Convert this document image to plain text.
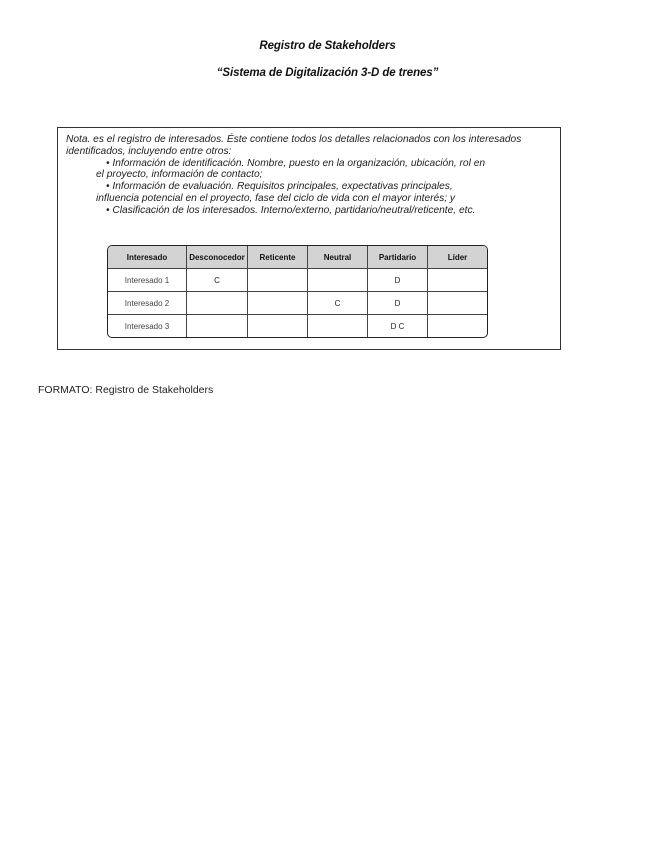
Registro de Stakeholders
“Sistema de Digitalización 3-D de trenes”

Nota. es el registro de interesados. Éste contiene todos los detalles relacionados con los interesados identificados, incluyendo entre otros:

• Información de identificación. Nombre, puesto en la organización, ubicación, rol en

el proyecto, información de contacto;

• Información de evaluación. Requisitos principales, expectativas principales,

influencia potencial en el proyecto, fase del ciclo de vida con el mayor interés; y

• Clasificación de los interesados. Interno/externo, partidario/neutral/reticente, etc.

Interesado	Desconocedor	Reticente	Neutral	Partidario	Líder
Interesado 1	C			D	
Interesado 2			C	D	
Interesado 3				D C	
FORMATO: Registro de Stakeholders
